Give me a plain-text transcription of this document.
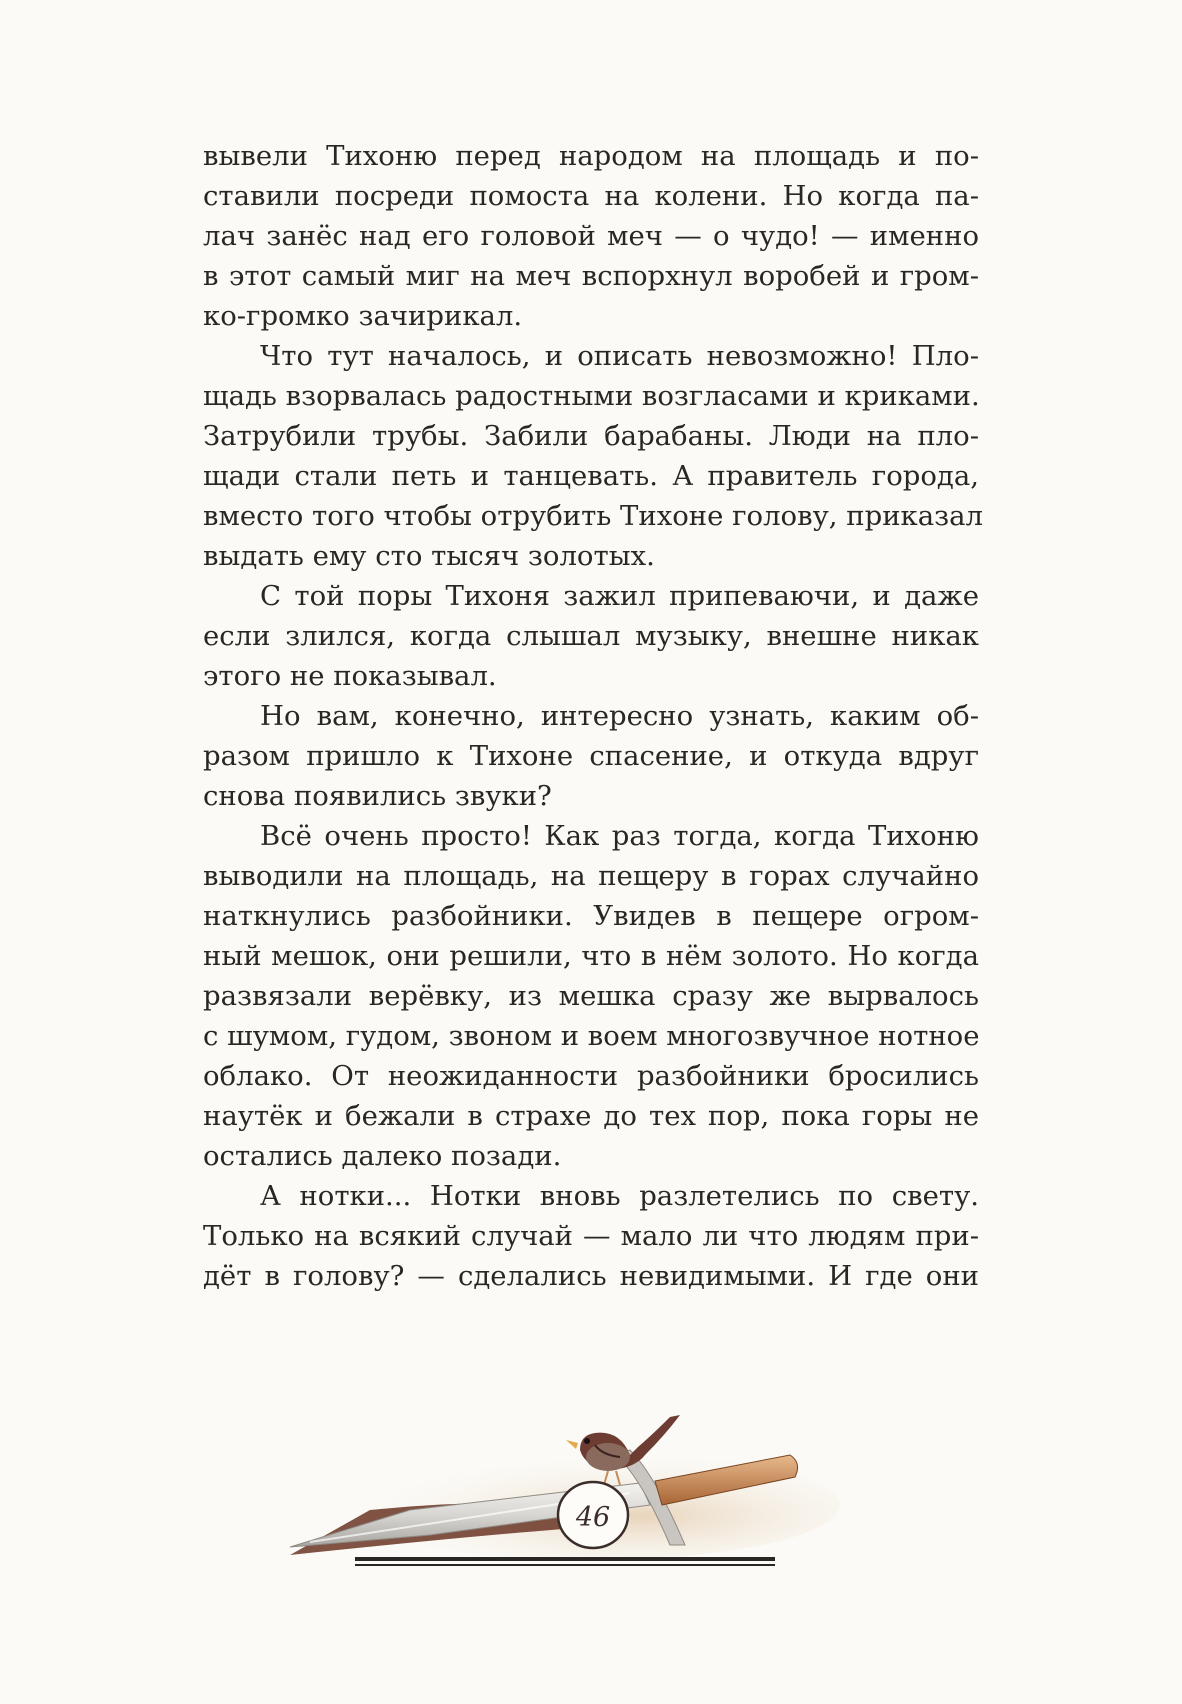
вывели Тихоню перед народом на площадь и по-
ставили посреди помоста на колени. Но когда па-
лач занёс над его головой меч — о чудо! — именно
в этот самый миг на меч вспорхнул воробей и гром-
ко-громко зачирикал.
Что тут началось, и описать невозможно! Пло-
щадь взорвалась радостными возгласами и криками.
Затрубили трубы. Забили барабаны. Люди на пло-
щади стали петь и танцевать. А правитель города,
вместо того чтобы отрубить Тихоне голову, приказал
выдать ему сто тысяч золотых.
С той поры Тихоня зажил припеваючи, и даже
если злился, когда слышал музыку, внешне никак
этого не показывал.
Но вам, конечно, интересно узнать, каким об-
разом пришло к Тихоне спасение, и откуда вдруг
снова появились звуки?
Всё очень просто! Как раз тогда, когда Тихоню
выводили на площадь, на пещеру в горах случайно
наткнулись разбойники. Увидев в пещере огром-
ный мешок, они решили, что в нём золото. Но когда
развязали верёвку, из мешка сразу же вырвалось
с шумом, гудом, звоном и воем многозвучное нотное
облако. От неожиданности разбойники бросились
наутёк и бежали в страхе до тех пор, пока горы не
остались далеко позади.
А нотки... Нотки вновь разлетелись по свету.
Только на всякий случай — мало ли что людям при-
дёт в голову? — сделались невидимыми. И где они
46
